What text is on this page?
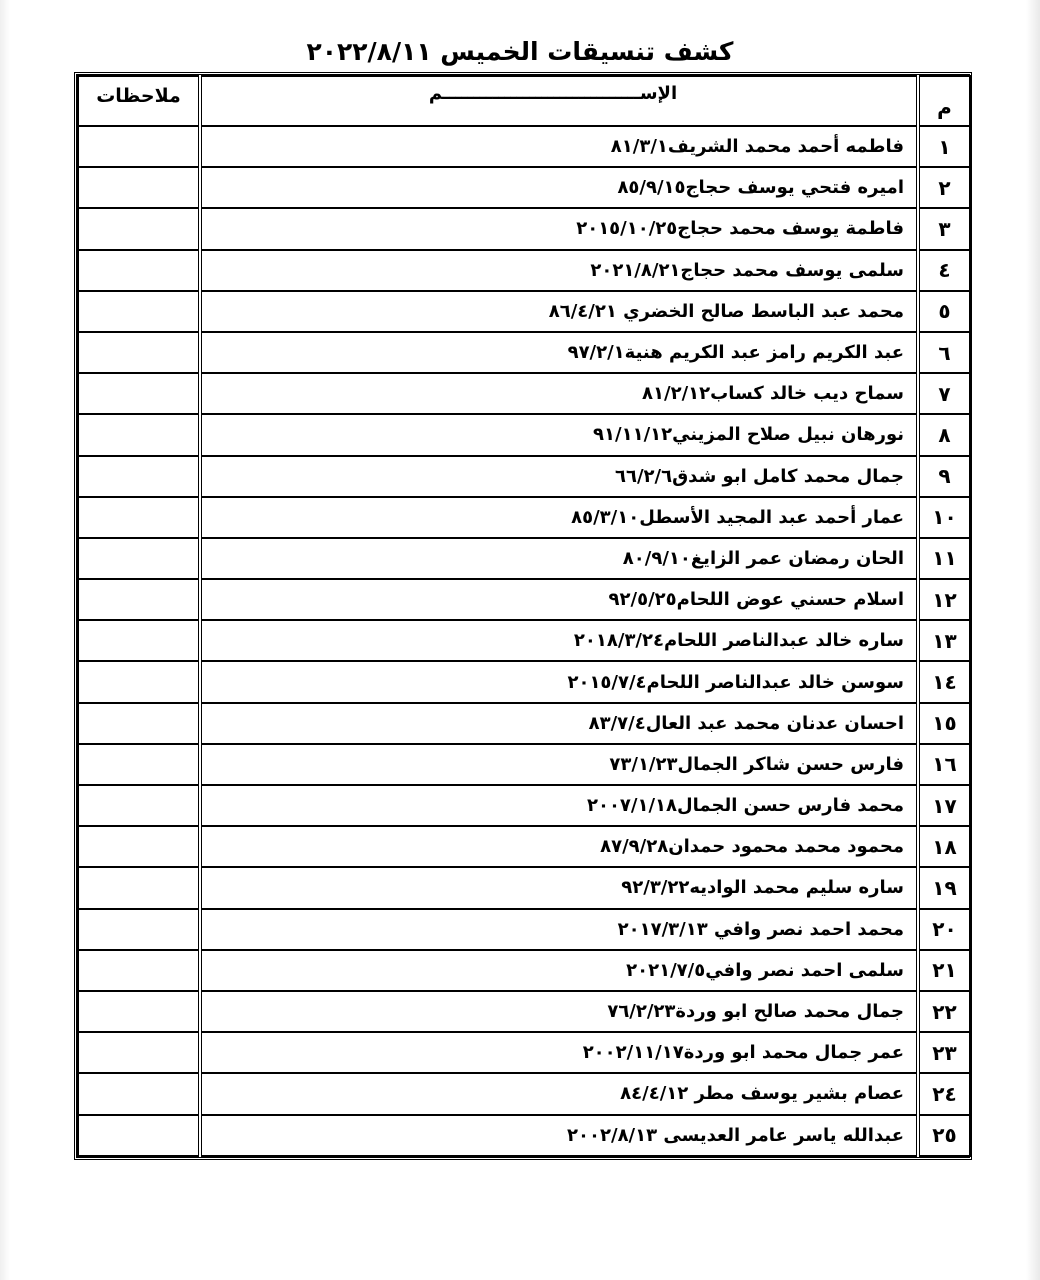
كشف تنسيقات الخميس ٢٠٢٢/٨/١١
م	الإســــــــــــــــــــــــــــــــم	ملاحظات
١	فاطمه أحمد محمد الشريف٨١/٣/١	
٢	اميره فتحي يوسف حجاج٨٥/٩/١٥	
٣	فاطمة يوسف محمد حجاج٢٠١٥/١٠/٢٥	
٤	سلمى يوسف محمد حجاج٢٠٢١/٨/٢١	
٥	محمد عبد الباسط صالح الخضري ٨٦/٤/٢١	
٦	عبد الكريم رامز عبد الكريم هنية٩٧/٢/١	
٧	سماح ديب خالد كساب٨١/٢/١٢	
٨	نورهان نبيل صلاح المزيني٩١/١١/١٢	
٩	جمال محمد كامل ابو شدق٦٦/٢/٦	
١٠	عمار أحمد عبد المجيد الأسطل٨٥/٣/١٠	
١١	الحان رمضان عمر الزايغ٨٠/٩/١٠	
١٢	اسلام حسني عوض اللحام٩٢/٥/٢٥	
١٣	ساره خالد عبدالناصر اللحام٢٠١٨/٣/٢٤	
١٤	سوسن خالد عبدالناصر اللحام٢٠١٥/٧/٤	
١٥	احسان عدنان محمد عبد العال٨٣/٧/٤	
١٦	فارس حسن شاكر الجمال٧٣/١/٢٣	
١٧	محمد فارس حسن الجمال٢٠٠٧/١/١٨	
١٨	محمود محمد محمود حمدان٨٧/٩/٢٨	
١٩	ساره سليم محمد الواديه٩٢/٣/٢٢	
٢٠	محمد احمد نصر وافي ٢٠١٧/٣/١٣	
٢١	سلمى احمد نصر وافي٢٠٢١/٧/٥	
٢٢	جمال محمد صالح ابو وردة٧٦/٢/٢٣	
٢٣	عمر جمال محمد ابو وردة٢٠٠٢/١١/١٧	
٢٤	عصام بشير يوسف مطر ٨٤/٤/١٢	
٢٥	عبدالله ياسر عامر العديسى ٢٠٠٢/٨/١٣	
